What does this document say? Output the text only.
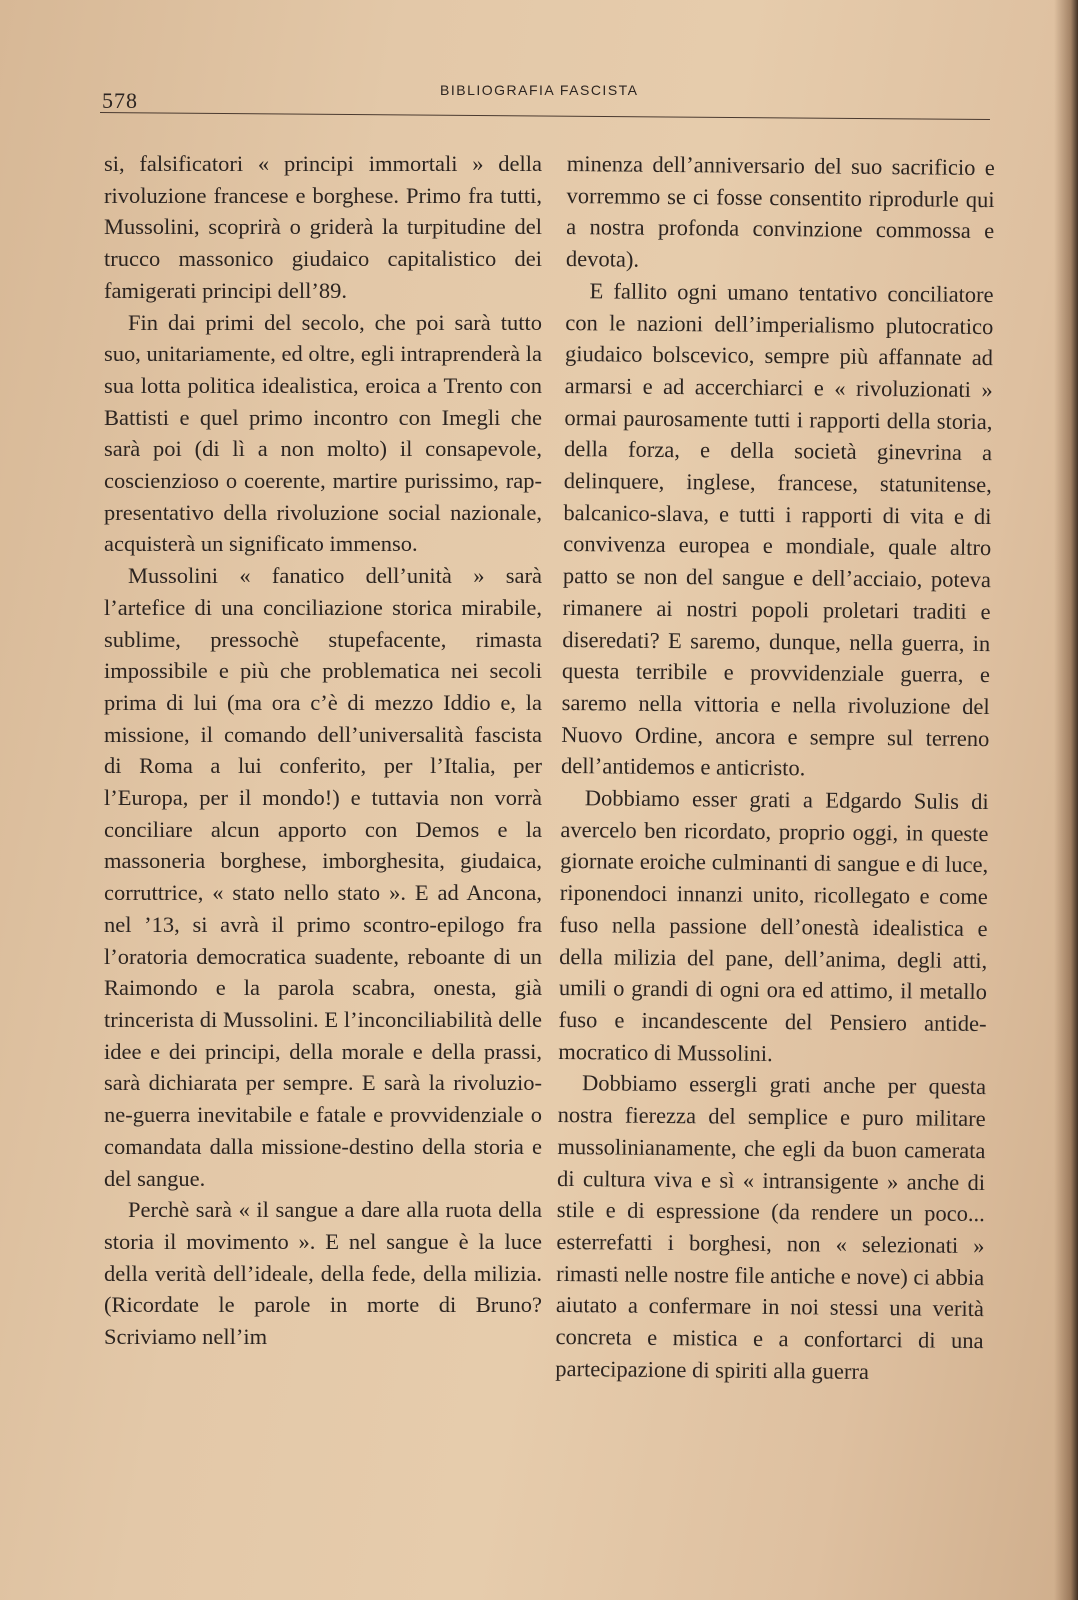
578	BIBLIOGRAFIA FASCISTA

si, falsificatori « principi immortali » della rivoluzione francese e borghese. Primo fra tutti, Mussolini, scoprirà o griderà la turpitudine del trucco massonico giudaico capitalistico dei famigerati principi dell’89.

Fin dai primi del secolo, che poi sarà tutto suo, unitariamente, ed oltre, egli intraprenderà la sua lotta politica idealistica, eroica a Trento con Battisti e quel primo incontro con Imegli che sarà poi (di lì a non molto) il consapevole, coscienzioso o coerente, martire purissimo, rappresentativo della rivoluzione social nazionale, acquisterà un significato immenso.

Mussolini « fanatico dell’unità » sarà l’artefice di una conciliazione storica mirabile, sublime, pressochè stupefacente, rimasta impossibile e più che problematica nei secoli prima di lui (ma ora c’è di mezzo Iddio e, la missione, il comando dell’universalità fascista di Roma a lui conferito, per l’Italia, per l’Europa, per il mondo!) e tuttavia non vorrà conciliare alcun apporto con Demos e la massoneria borghese, imborghesita, giudaica, corruttrice, « stato nello stato ». E ad Ancona, nel ’13, si avrà il primo scontro-epilogo fra l’oratoria democratica suadente, reboante di un Raimondo e la parola scabra, onesta, già trincerista di Mussolini. E l’inconciliabilità delle idee e dei principi, della morale e della prassi, sarà dichiarata per sempre. E sarà la rivoluzione-guerra inevitabile e fatale e provvidenziale o comandata dalla missione-destino della storia e del sangue.

Perchè sarà « il sangue a dare alla ruota della storia il movimento ». E nel sangue è la luce della verità dell’ideale, della fede, della milizia. (Ricordate le parole in morte di Bruno? Scriviamo nell’im

minenza dell’anniversario del suo sacrificio e vorremmo se ci fosse consentito riprodurle qui a nostra profonda convinzione commossa e devota).

E fallito ogni umano tentativo conciliatore con le nazioni dell’imperialismo plutocratico giudaico bolscevico, sempre più affannate ad armarsi e ad accerchiarci e « rivoluzionati » ormai paurosamente tutti i rapporti della storia, della forza, e della società ginevrina a delinquere, inglese, francese, statunitense, balcanico-slava, e tutti i rapporti di vita e di convivenza europea e mondiale, quale altro patto se non del sangue e dell’acciaio, poteva rimanere ai nostri popoli proletari traditi e diseredati? E saremo, dunque, nella guerra, in questa terribile e provvidenziale guerra, e saremo nella vittoria e nella rivoluzione del Nuovo Ordine, ancora e sempre sul terreno dell’antidemos e anticristo.

Dobbiamo esser grati a Edgardo Sulis di avercelo ben ricordato, proprio oggi, in queste giornate eroiche culminanti di sangue e di luce, riponendoci innanzi unito, ricollegato e come fuso nella passione dell’onestà idealistica e della milizia del pane, dell’anima, degli atti, umili o grandi di ogni ora ed attimo, il metallo fuso e incandescente del Pensiero antidemocratico di Mussolini.

Dobbiamo essergli grati anche per questa nostra fierezza del semplice e puro militare mussolinianamente, che egli da buon camerata di cultura viva e sì « intransigente » anche di stile e di espressione (da rendere un poco... esterrefatti i borghesi, non « selezionati » rimasti nelle nostre file antiche e nove) ci abbia aiutato a confermare in noi stessi una verità concreta e mistica e a confortarci di una partecipazione di spiriti alla guerra
